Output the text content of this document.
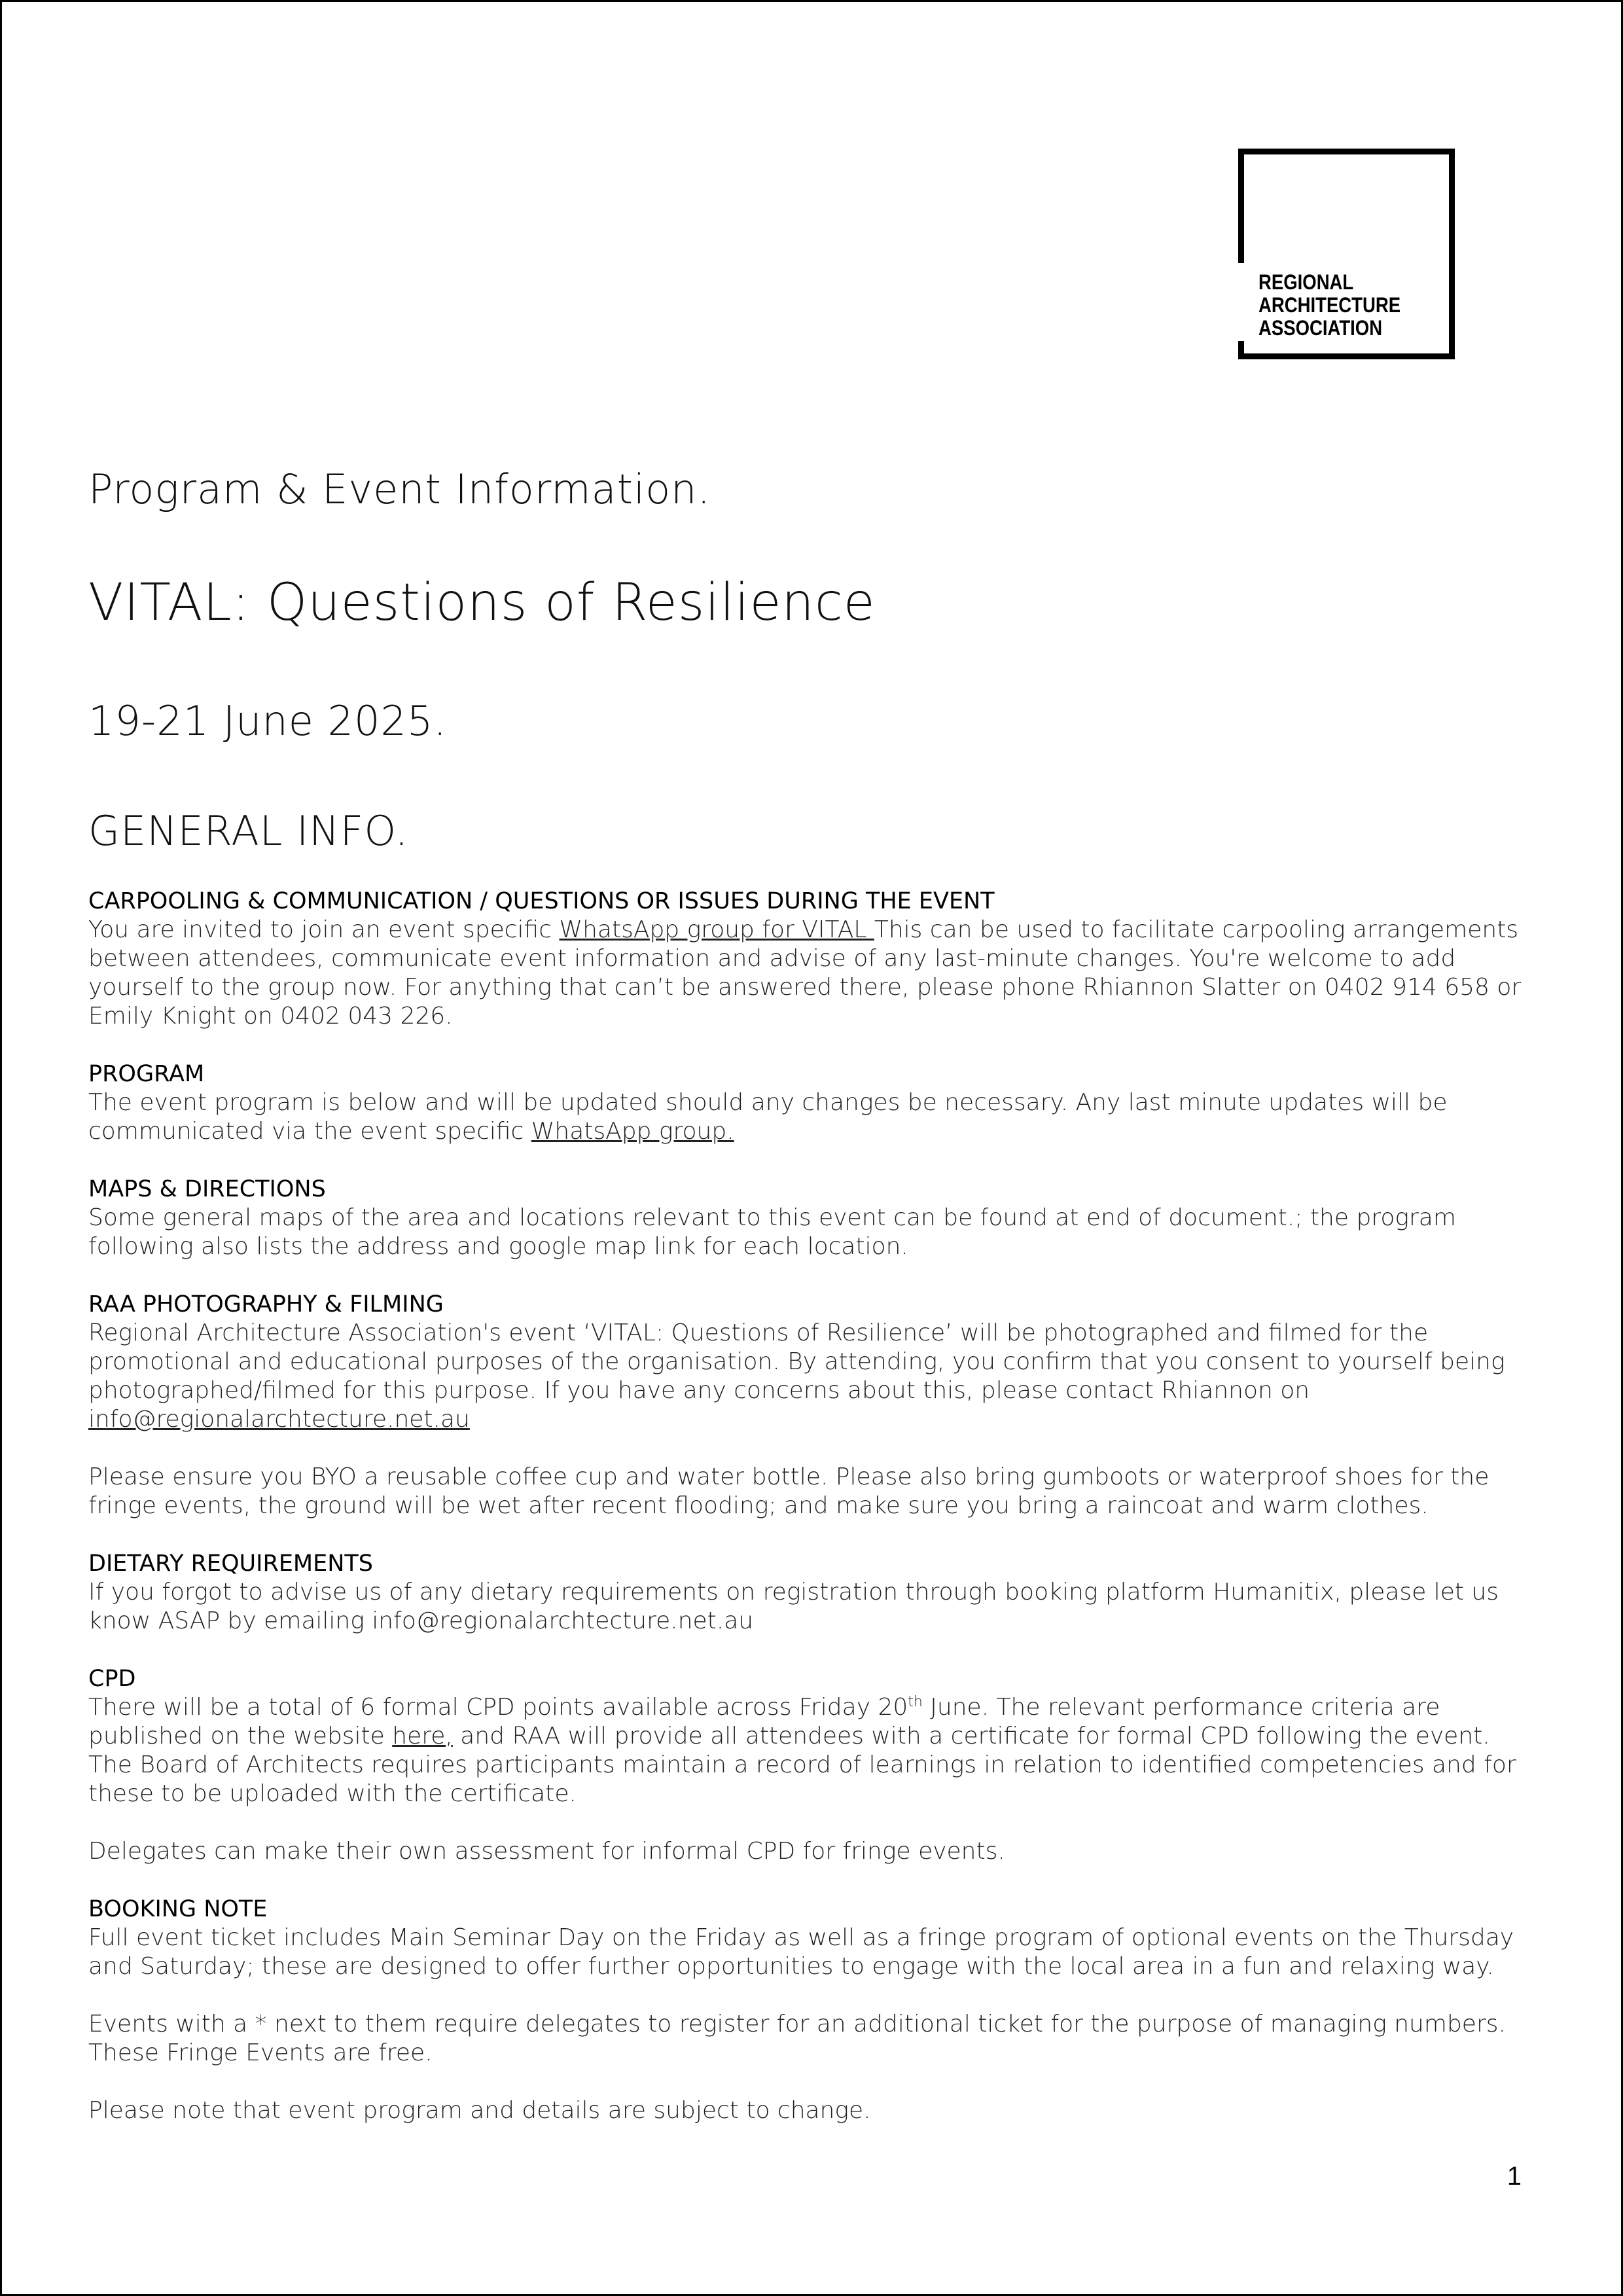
REGIONAL
ARCHITECTURE
ASSOCIATION
Program & Event Information.
VITAL: Questions of Resilience
19-21 June 2025.
GENERAL INFO.

CARPOOLING & COMMUNICATION / QUESTIONS OR ISSUES DURING THE EVENT

You are invited to join an event specific WhatsApp group for VITAL This can be used to facilitate carpooling arrangements between attendees, communicate event information and advise of any last-minute changes. You're welcome to add yourself to the group now. For anything that can’t be answered there, please phone Rhiannon Slatter on 0402 914 658 or Emily Knight on 0402 043 226.

PROGRAM

The event program is below and will be updated should any changes be necessary. Any last minute updates will be communicated via the event specific WhatsApp group.

MAPS & DIRECTIONS

Some general maps of the area and locations relevant to this event can be found at end of document.; the program following also lists the address and google map link for each location.

RAA PHOTOGRAPHY & FILMING

Regional Architecture Association's event ‘VITAL: Questions of Resilience’ will be photographed and filmed for the promotional and educational purposes of the organisation. By attending, you confirm that you consent to yourself being photographed/filmed for this purpose. If you have any concerns about this, please contact Rhiannon on
info@regionalarchtecture.net.au

Please ensure you BYO a reusable coffee cup and water bottle. Please also bring gumboots or waterproof shoes for the fringe events, the ground will be wet after recent flooding; and make sure you bring a raincoat and warm clothes.

DIETARY REQUIREMENTS

If you forgot to advise us of any dietary requirements on registration through booking platform Humanitix, please let us know ASAP by emailing info@regionalarchtecture.net.au

CPD

There will be a total of 6 formal CPD points available across Friday 20th June. The relevant performance criteria are published on the website here, and RAA will provide all attendees with a certificate for formal CPD following the event. The Board of Architects requires participants maintain a record of learnings in relation to identified competencies and for these to be uploaded with the certificate.

Delegates can make their own assessment for informal CPD for fringe events.

BOOKING NOTE

Full event ticket includes Main Seminar Day on the Friday as well as a fringe program of optional events on the Thursday and Saturday; these are designed to offer further opportunities to engage with the local area in a fun and relaxing way.

Events with a * next to them require delegates to register for an additional ticket for the purpose of managing numbers. These Fringe Events are free.

Please note that event program and details are subject to change.

1
